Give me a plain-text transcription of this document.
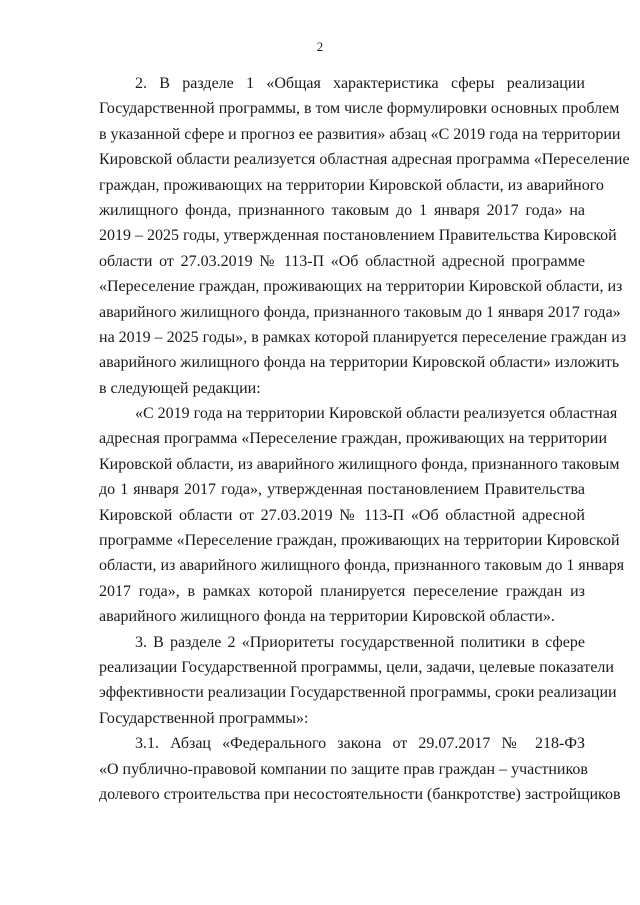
2
2. В разделе 1 «Общая характеристика сферы реализации
Государственной программы, в том числе формулировки основных проблем
в указанной сфере и прогноз ее развития» абзац «С 2019 года на территории
Кировской области реализуется областная адресная программа «Переселение
граждан, проживающих на территории Кировской области, из аварийного
жилищного фонда, признанного таковым до 1 января 2017 года» на
2019 – 2025 годы, утвержденная постановлением Правительства Кировской
области от 27.03.2019 № 113-П «Об областной адресной программе
«Переселение граждан, проживающих на территории Кировской области, из
аварийного жилищного фонда, признанного таковым до 1 января 2017 года»
на 2019 – 2025 годы», в рамках которой планируется переселение граждан из
аварийного жилищного фонда на территории Кировской области» изложить
в следующей редакции:
«С 2019 года на территории Кировской области реализуется областная
адресная программа «Переселение граждан, проживающих на территории
Кировской области, из аварийного жилищного фонда, признанного таковым
до 1 января 2017 года», утвержденная постановлением Правительства
Кировской области от 27.03.2019 № 113-П «Об областной адресной
программе «Переселение граждан, проживающих на территории Кировской
области, из аварийного жилищного фонда, признанного таковым до 1 января
2017 года», в рамках которой планируется переселение граждан из
аварийного жилищного фонда на территории Кировской области».
3. В разделе 2 «Приоритеты государственной политики в сфере
реализации Государственной программы, цели, задачи, целевые показатели
эффективности реализации Государственной программы, сроки реализации
Государственной программы»:
3.1. Абзац «Федерального закона от 29.07.2017 № 218-ФЗ
«О публично-правовой компании по защите прав граждан – участников
долевого строительства при несостоятельности (банкротстве) застройщиков
